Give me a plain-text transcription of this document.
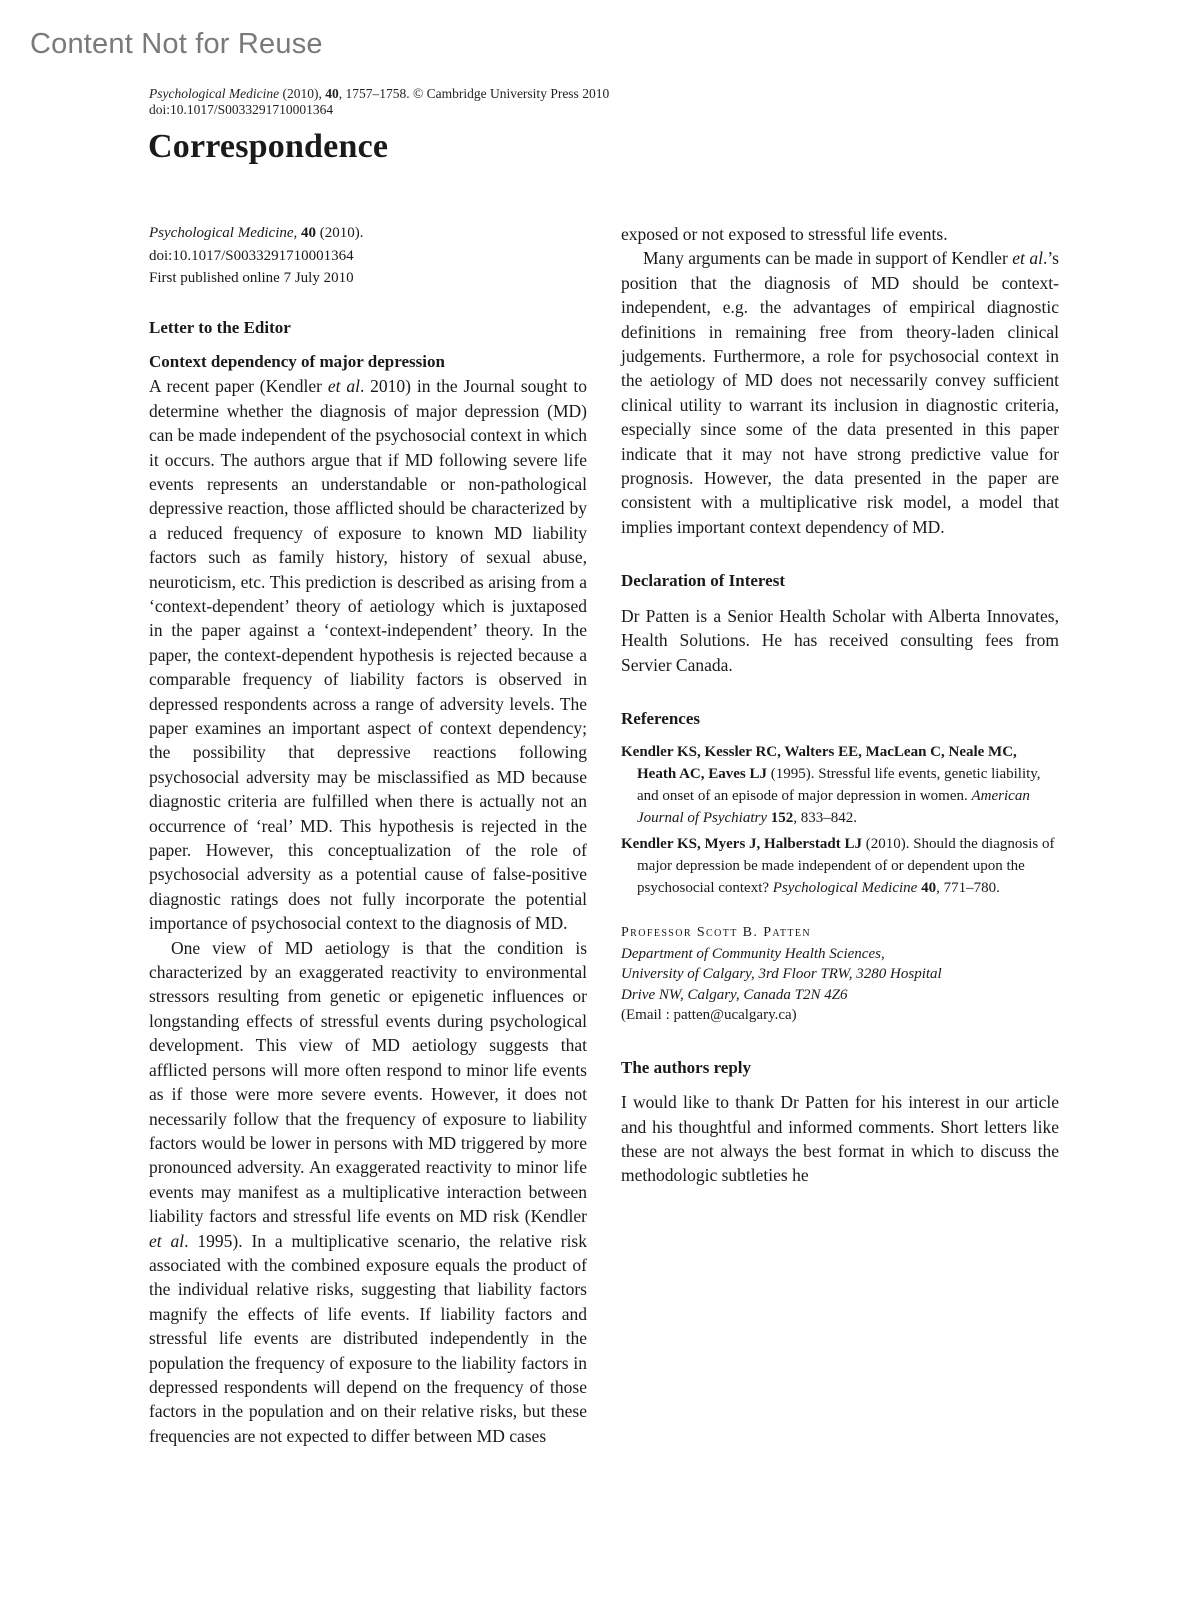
Content Not for Reuse
Psychological Medicine (2010), 40, 1757–1758. © Cambridge University Press 2010
doi:10.1017/S0033291710001364
Correspondence
Psychological Medicine, 40 (2010).
doi:10.1017/S0033291710001364
First published online 7 July 2010
Letter to the Editor
Context dependency of major depression

A recent paper (Kendler et al. 2010) in the Journal sought to determine whether the diagnosis of major depression (MD) can be made independent of the psychosocial context in which it occurs. The authors argue that if MD following severe life events represents an understandable or non-pathological depressive reaction, those afflicted should be characterized by a reduced frequency of exposure to known MD liability factors such as family history, history of sexual abuse, neuroticism, etc. This prediction is described as arising from a ‘context-dependent’ theory of aetiology which is juxtaposed in the paper against a ‘context-independent’ theory. In the paper, the context-dependent hypothesis is rejected because a comparable frequency of liability factors is observed in depressed respondents across a range of adversity levels. The paper examines an important aspect of context dependency; the possibility that depressive reactions following psychosocial adversity may be misclassified as MD because diagnostic criteria are fulfilled when there is actually not an occurrence of ‘real’ MD. This hypothesis is rejected in the paper. However, this conceptualization of the role of psychosocial adversity as a potential cause of false-positive diagnostic ratings does not fully incorporate the potential importance of psychosocial context to the diagnosis of MD.

One view of MD aetiology is that the condition is characterized by an exaggerated reactivity to environmental stressors resulting from genetic or epigenetic influences or longstanding effects of stressful events during psychological development. This view of MD aetiology suggests that afflicted persons will more often respond to minor life events as if those were more severe events. However, it does not necessarily follow that the frequency of exposure to liability factors would be lower in persons with MD triggered by more pronounced adversity. An exaggerated reactivity to minor life events may manifest as a multiplicative interaction between liability factors and stressful life events on MD risk (Kendler et al. 1995). In a multiplicative scenario, the relative risk associated with the combined exposure equals the product of the individual relative risks, suggesting that liability factors magnify the effects of life events. If liability factors and stressful life events are distributed independently in the population the frequency of exposure to the liability factors in depressed respondents will depend on the frequency of those factors in the population and on their relative risks, but these frequencies are not expected to differ between MD cases

exposed or not exposed to stressful life events.

Many arguments can be made in support of Kendler et al.’s position that the diagnosis of MD should be context-independent, e.g. the advantages of empirical diagnostic definitions in remaining free from theory-laden clinical judgements. Furthermore, a role for psychosocial context in the aetiology of MD does not necessarily convey sufficient clinical utility to warrant its inclusion in diagnostic criteria, especially since some of the data presented in this paper indicate that it may not have strong predictive value for prognosis. However, the data presented in the paper are consistent with a multiplicative risk model, a model that implies important context dependency of MD.

Declaration of Interest

Dr Patten is a Senior Health Scholar with Alberta Innovates, Health Solutions. He has received consulting fees from Servier Canada.

References

Kendler KS, Kessler RC, Walters EE, MacLean C, Neale MC, Heath AC, Eaves LJ (1995). Stressful life events, genetic liability, and onset of an episode of major depression in women. American Journal of Psychiatry 152, 833–842.

Kendler KS, Myers J, Halberstadt LJ (2010). Should the diagnosis of major depression be made independent of or dependent upon the psychosocial context? Psychological Medicine 40, 771–780.

Professor Scott B. Patten
Department of Community Health Sciences,
University of Calgary, 3rd Floor TRW, 3280 Hospital
Drive NW, Calgary, Canada T2N 4Z6
(Email : patten@ucalgary.ca)
The authors reply

I would like to thank Dr Patten for his interest in our article and his thoughtful and informed comments. Short letters like these are not always the best format in which to discuss the methodologic subtleties he
